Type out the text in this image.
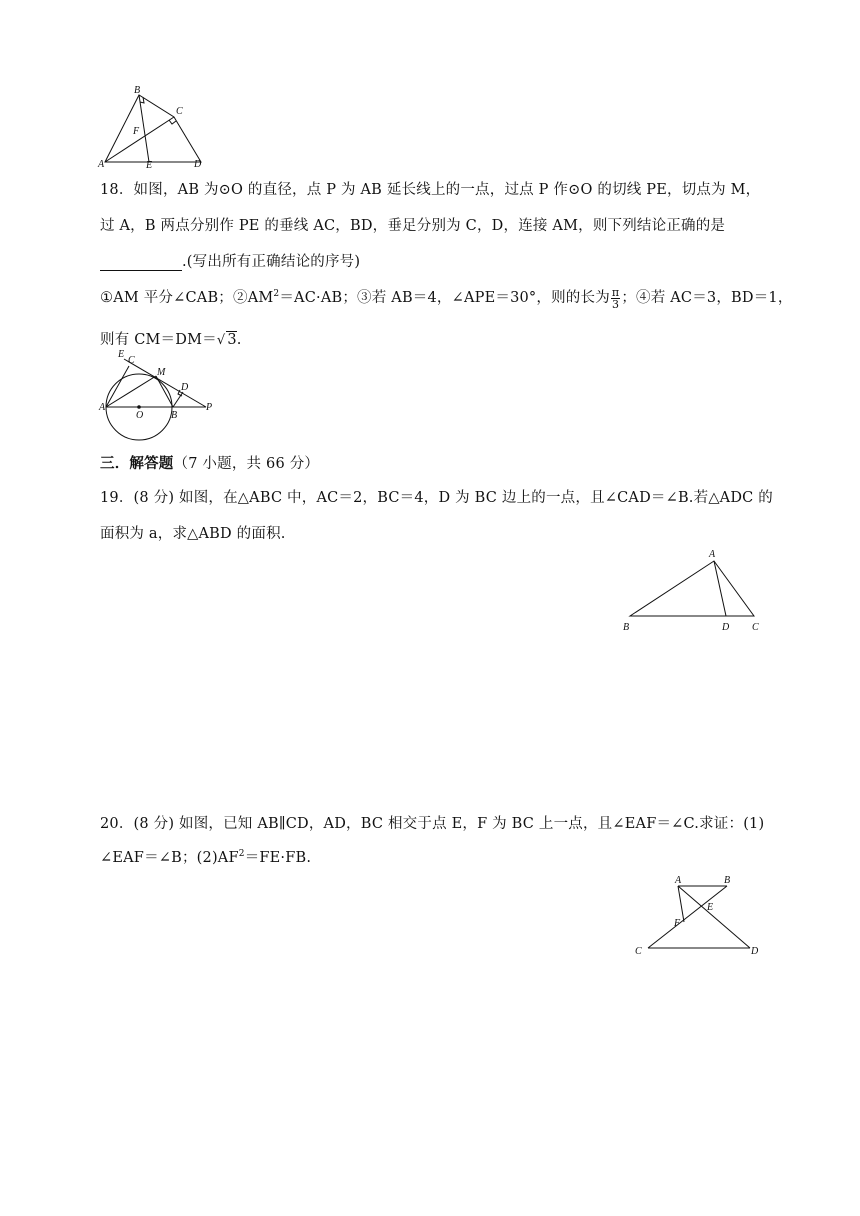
A
B
C
D
E
F
18．如图，AB 为⊙O 的直径，点 P 为 AB 延长线上的一点，过点 P 作⊙O 的切线 PE，切点为 M，
过 A，B 两点分别作 PE 的垂线 AC，BD，垂足分别为 C，D，连接 AM，则下列结论正确的是
.(写出所有正确结论的序号)
①AM 平分∠CAB；$②AM^2=AC\cdot AB$；③若 AB＝4，∠APE＝30°，则的长为 $\frac{\pi}{3}$ ；④若 AC＝3，BD＝1，
则有 CM＝DM＝√ 3.
E
C
M
D
A
O	B
P
三．解答题（7 小题，共 66 分）
19．(8 分) 如图，在△ABC 中，AC＝2，BC＝4，D 为 BC 边上的一点，且∠CAD＝∠B.若△ADC 的
面积为 a，求△ABD 的面积.
A
B	D C
20．(8 分) 如图，已知 AB∥CD，AD，BC 相交于点 E，F 为 BC 上一点，且∠EAF＝∠C.求证：(1)
∠EAF＝∠B；$(2)AF^2=FE\cdot FB$.
A	B
E
F
C	D
